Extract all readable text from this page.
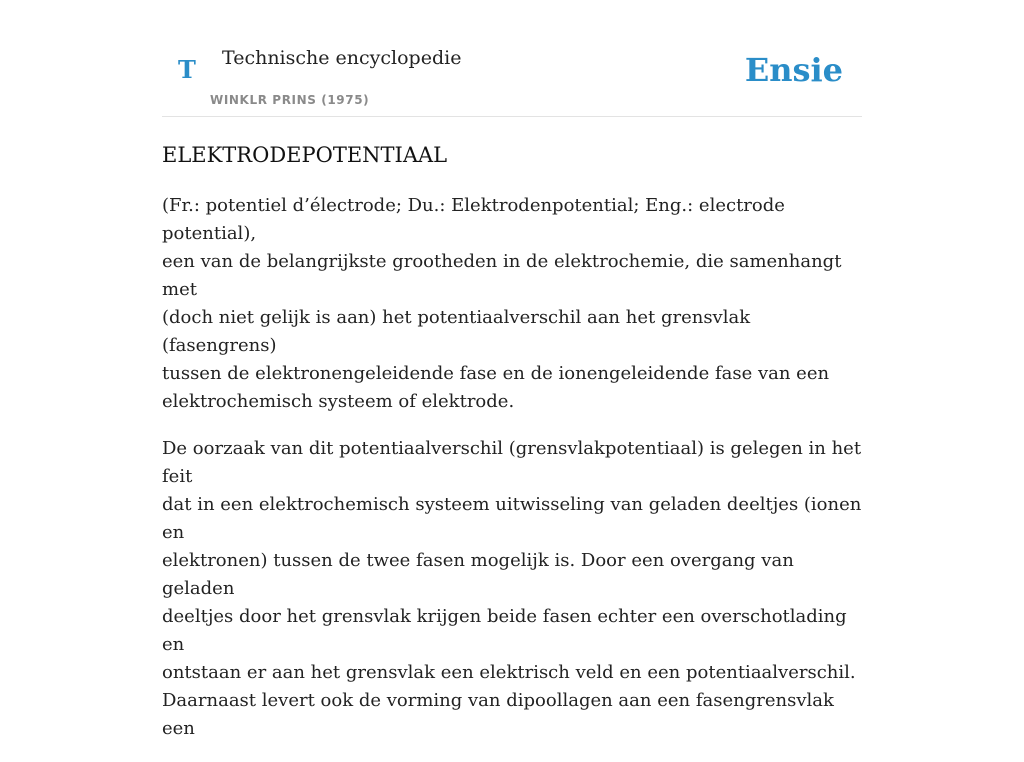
T Technische encyclopedie
WINKLR PRINS (1975)
Ensie
ELEKTRODEPOTENTIAAL

(Fr.: potentiel d’électrode; Du.: Elektrodenpotential; Eng.: electrode potential),
een van de belangrijkste grootheden in de elektrochemie, die samenhangt met
(doch niet gelijk is aan) het potentiaalverschil aan het grensvlak (fasengrens)
tussen de elektronengeleidende fase en de ionengeleidende fase van een
elektrochemisch systeem of elektrode.

De oorzaak van dit potentiaalverschil (grensvlakpotentiaal) is gelegen in het feit
dat in een elektrochemisch systeem uitwisseling van geladen deeltjes (ionen en
elektronen) tussen de twee fasen mogelijk is. Door een overgang van geladen
deeltjes door het grensvlak krijgen beide fasen echter een overschotlading en
ontstaan er aan het grensvlak een elektrisch veld en een potentiaalverschil.
Daarnaast levert ook de vorming van dipoollagen aan een fasengrensvlak een
